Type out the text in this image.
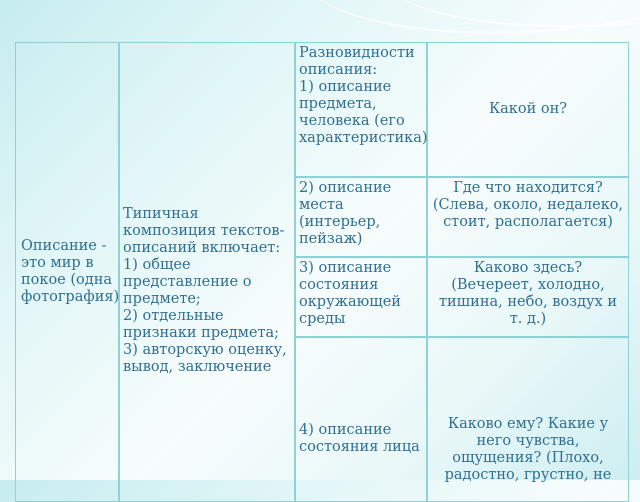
Описание - это мир в покое (одна фотография)
Типичная композиция текстов-описаний включает:
1) общее представление о предмете;
2) отдельные признаки предмета;
3) авторскую оценку, вывод, заключение
Разновидности описания:
1) описание предмета, человека (его характеристика)
Какой он?
2) описание места (интерьер, пейзаж)
Где что находится? (Слева, около, недалеко, стоит, располагается)
3) описание состояния окружающей среды
Каково здесь? (Вечереет, холодно, тишина, небо, воздух и т. д.)
4) описание состояния лица
Каково ему? Какие у него чувства, ощущения? (Плохо, радостно, грустно, не
